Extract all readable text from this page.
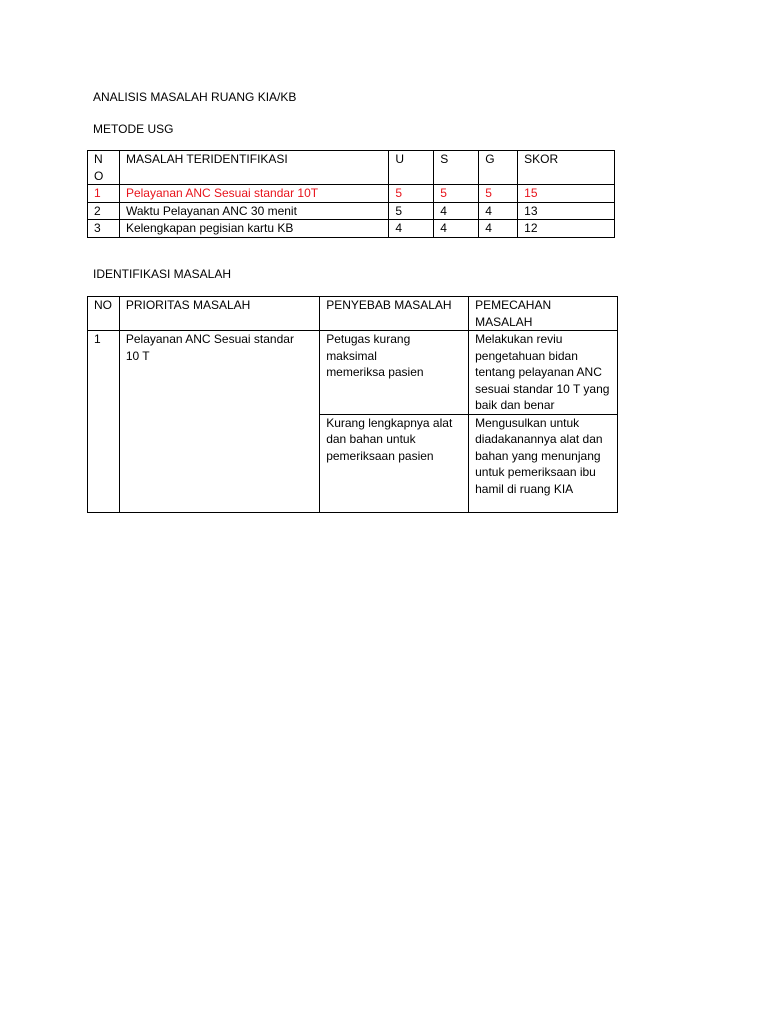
ANALISIS MASALAH RUANG KIA/KB
METODE USG
NO	MASALAH TERIDENTIFIKASI	U	S	G	SKOR
1	Pelayanan ANC Sesuai standar 10T	5	5	5	15
2	Waktu Pelayanan ANC 30 menit	5	4	4	13
3	Kelengkapan pegisian kartu KB	4	4	4	12
IDENTIFIKASI MASALAH
NO	PRIORITAS MASALAH	PENYEBAB MASALAH	PEMECAHAN MASALAH

1	Pelayanan ANC Sesuai standar 10 T	Petugas kurang maksimal memeriksa pasien	Melakukan reviu pengetahuan bidan tentang pelayanan ANC sesuai standar 10 T yang baik dan benar

		Kurang lengkapnya alat dan bahan untuk pemeriksaan pasien	Mengusulkan untuk diadakanannya alat dan bahan yang menunjang untuk pemeriksaan ibu hamil di ruang KIA
